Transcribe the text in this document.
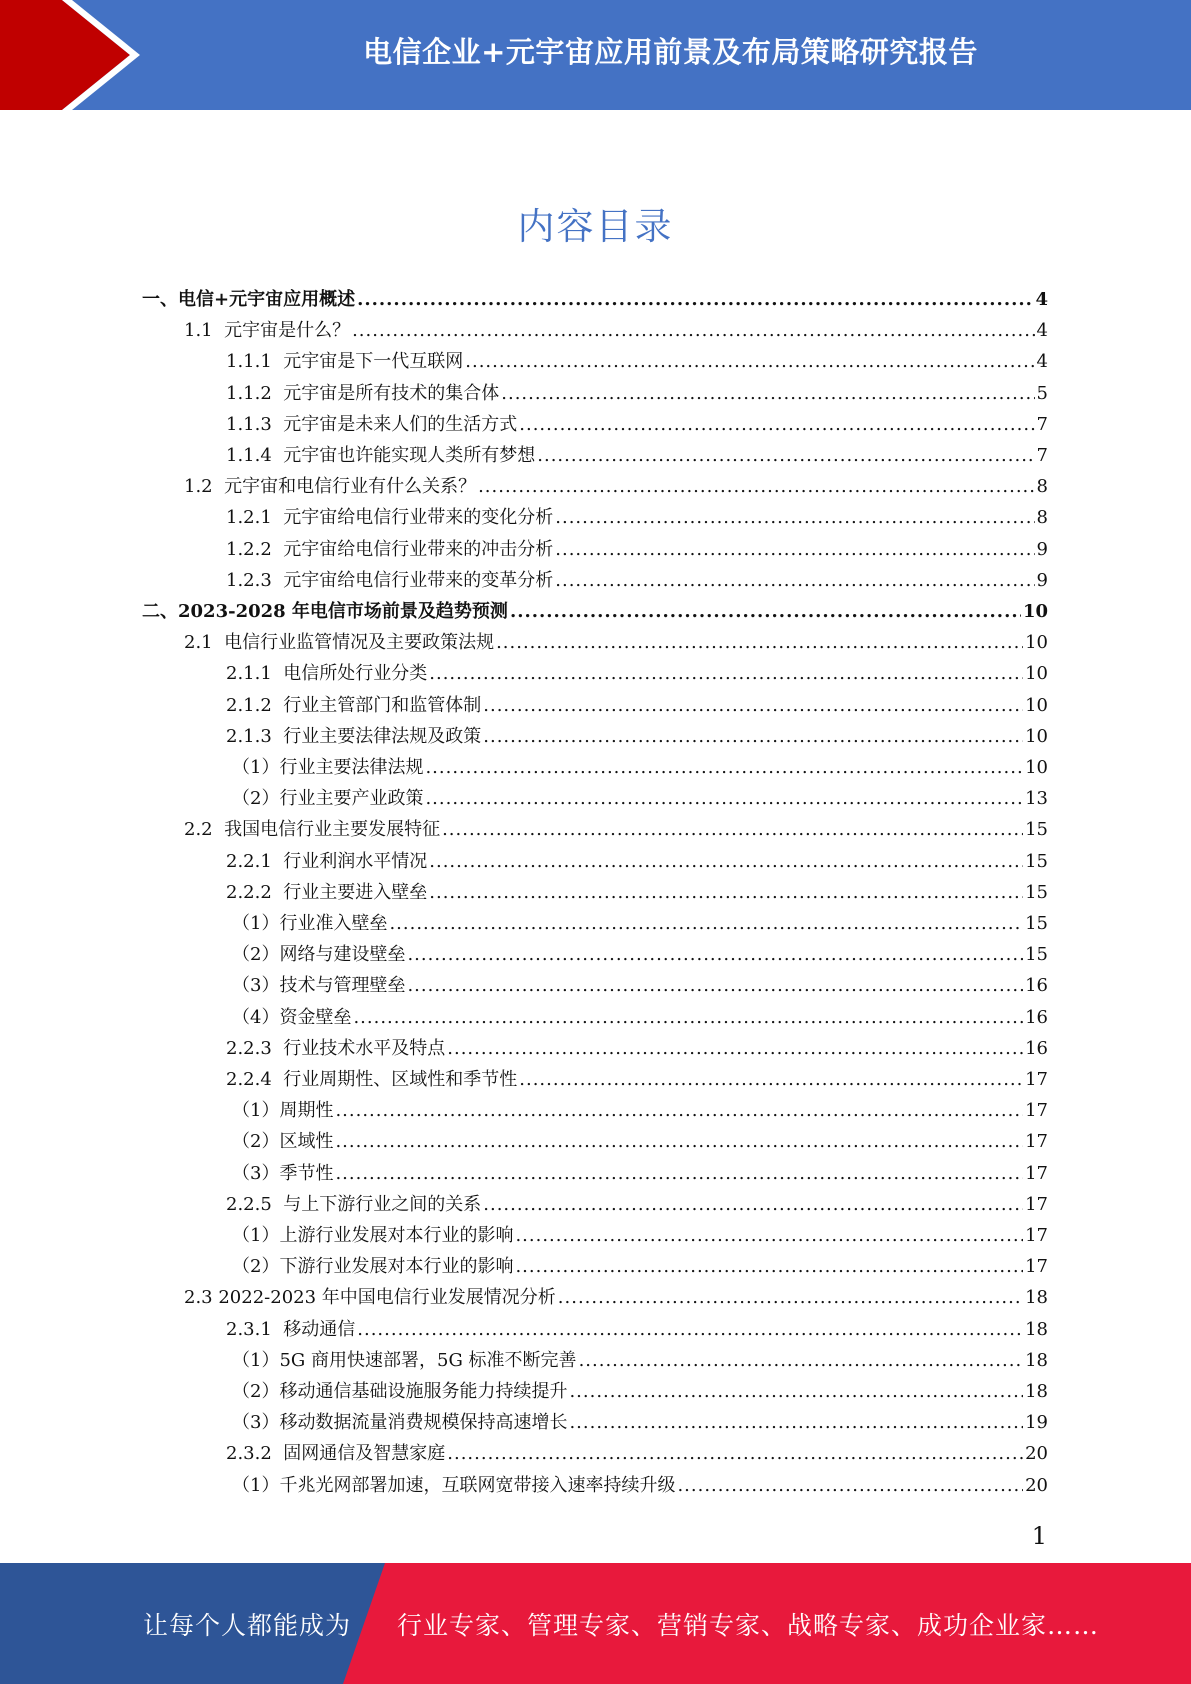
电信企业+元宇宙应用前景及布局策略研究报告
内容目录
一、电信+元宇宙应用概述 .....	4
1.1  元宇宙是什么？ .....	4
1.1.1  元宇宙是下一代互联网 .....	4
1.1.2  元宇宙是所有技术的集合体 .....	5
1.1.3  元宇宙是未来人们的生活方式 .....	7
1.1.4  元宇宙也许能实现人类所有梦想 .....	7
1.2  元宇宙和电信行业有什么关系？ .....	8
1.2.1  元宇宙给电信行业带来的变化分析 .....	8
1.2.2  元宇宙给电信行业带来的冲击分析 .....	9
1.2.3  元宇宙给电信行业带来的变革分析 .....	9
二、2023-2028 年电信市场前景及趋势预测 .....	10
2.1  电信行业监管情况及主要政策法规 .....	10
2.1.1  电信所处行业分类 .....	10
2.1.2  行业主管部门和监管体制 .....	10
2.1.3  行业主要法律法规及政策 .....	10
（1）行业主要法律法规 .....	10
（2）行业主要产业政策 .....	13
2.2  我国电信行业主要发展特征 .....	15
2.2.1  行业利润水平情况 .....	15
2.2.2  行业主要进入壁垒 .....	15
（1）行业准入壁垒 .....	15
（2）网络与建设壁垒 .....	15
（3）技术与管理壁垒 .....	16
（4）资金壁垒 .....	16
2.2.3  行业技术水平及特点 .....	16
2.2.4  行业周期性、区域性和季节性 .....	17
（1）周期性 .....	17
（2）区域性 .....	17
（3）季节性 .....	17
2.2.5  与上下游行业之间的关系 .....	17
（1）上游行业发展对本行业的影响 .....	17
（2）下游行业发展对本行业的影响 .....	17
2.3 2022-2023 年中国电信行业发展情况分析 .....	18
2.3.1  移动通信 .....	18
（1）5G 商用快速部署，5G 标准不断完善 .....	18
（2）移动通信基础设施服务能力持续提升 .....	18
（3）移动数据流量消费规模保持高速增长 .....	19
2.3.2  固网通信及智慧家庭 .....	20
（1）千兆光网部署加速，互联网宽带接入速率持续升级 .....	20
1
让每个人都能成为 行业专家、管理专家、营销专家、战略专家、成功企业家……
